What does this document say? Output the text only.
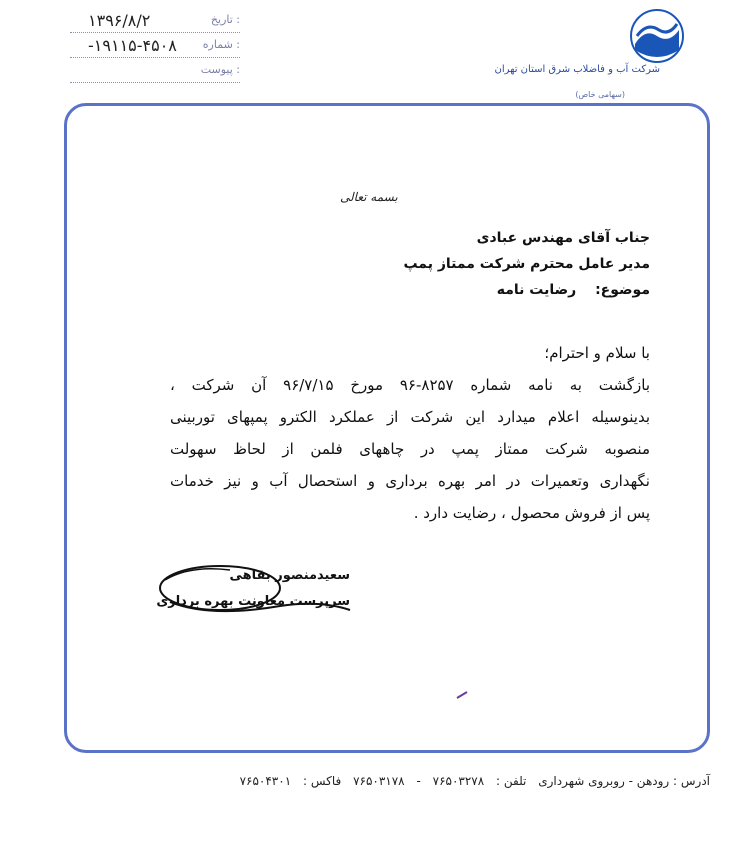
تاریخ :
۱۳۹۶/۸/۲
شماره :
۱۹۱۱۵-۴۵۰۸-
پیوست :	شرکت آب و فاضلاب شرق استان تهران
(سهامی خاص)
بسمه تعالی
جناب آقای مهندس عبادی
مدیر عامل محترم شرکت ممتاز پمپ
موضوع: رضایت نامه
با سلام و احترام؛
بازگشت به نامه شماره ۸۲۵۷-۹۶ مورخ ۹۶/۷/۱۵ آن شرکت ،
بدینوسیله اعلام میدارد این شرکت از عملکرد الکترو پمپهای توربینی
منصوبه شرکت ممتاز پمپ در چاههای فلمن از لحاظ سهولت
نگهداری وتعمیرات در امر بهره برداری و استحصال آب و نیز خدمات
پس از فروش محصول ، رضایت دارد .
سعیدمنصور بقاهی
سرپرست معاونت بهره برداری
آدرس : رودهن - روبروی شهرداری تلفن : ۷۶۵۰۳۲۷۸ - ۷۶۵۰۳۱۷۸ فاکس : ۷۶۵۰۴۳۰۱
